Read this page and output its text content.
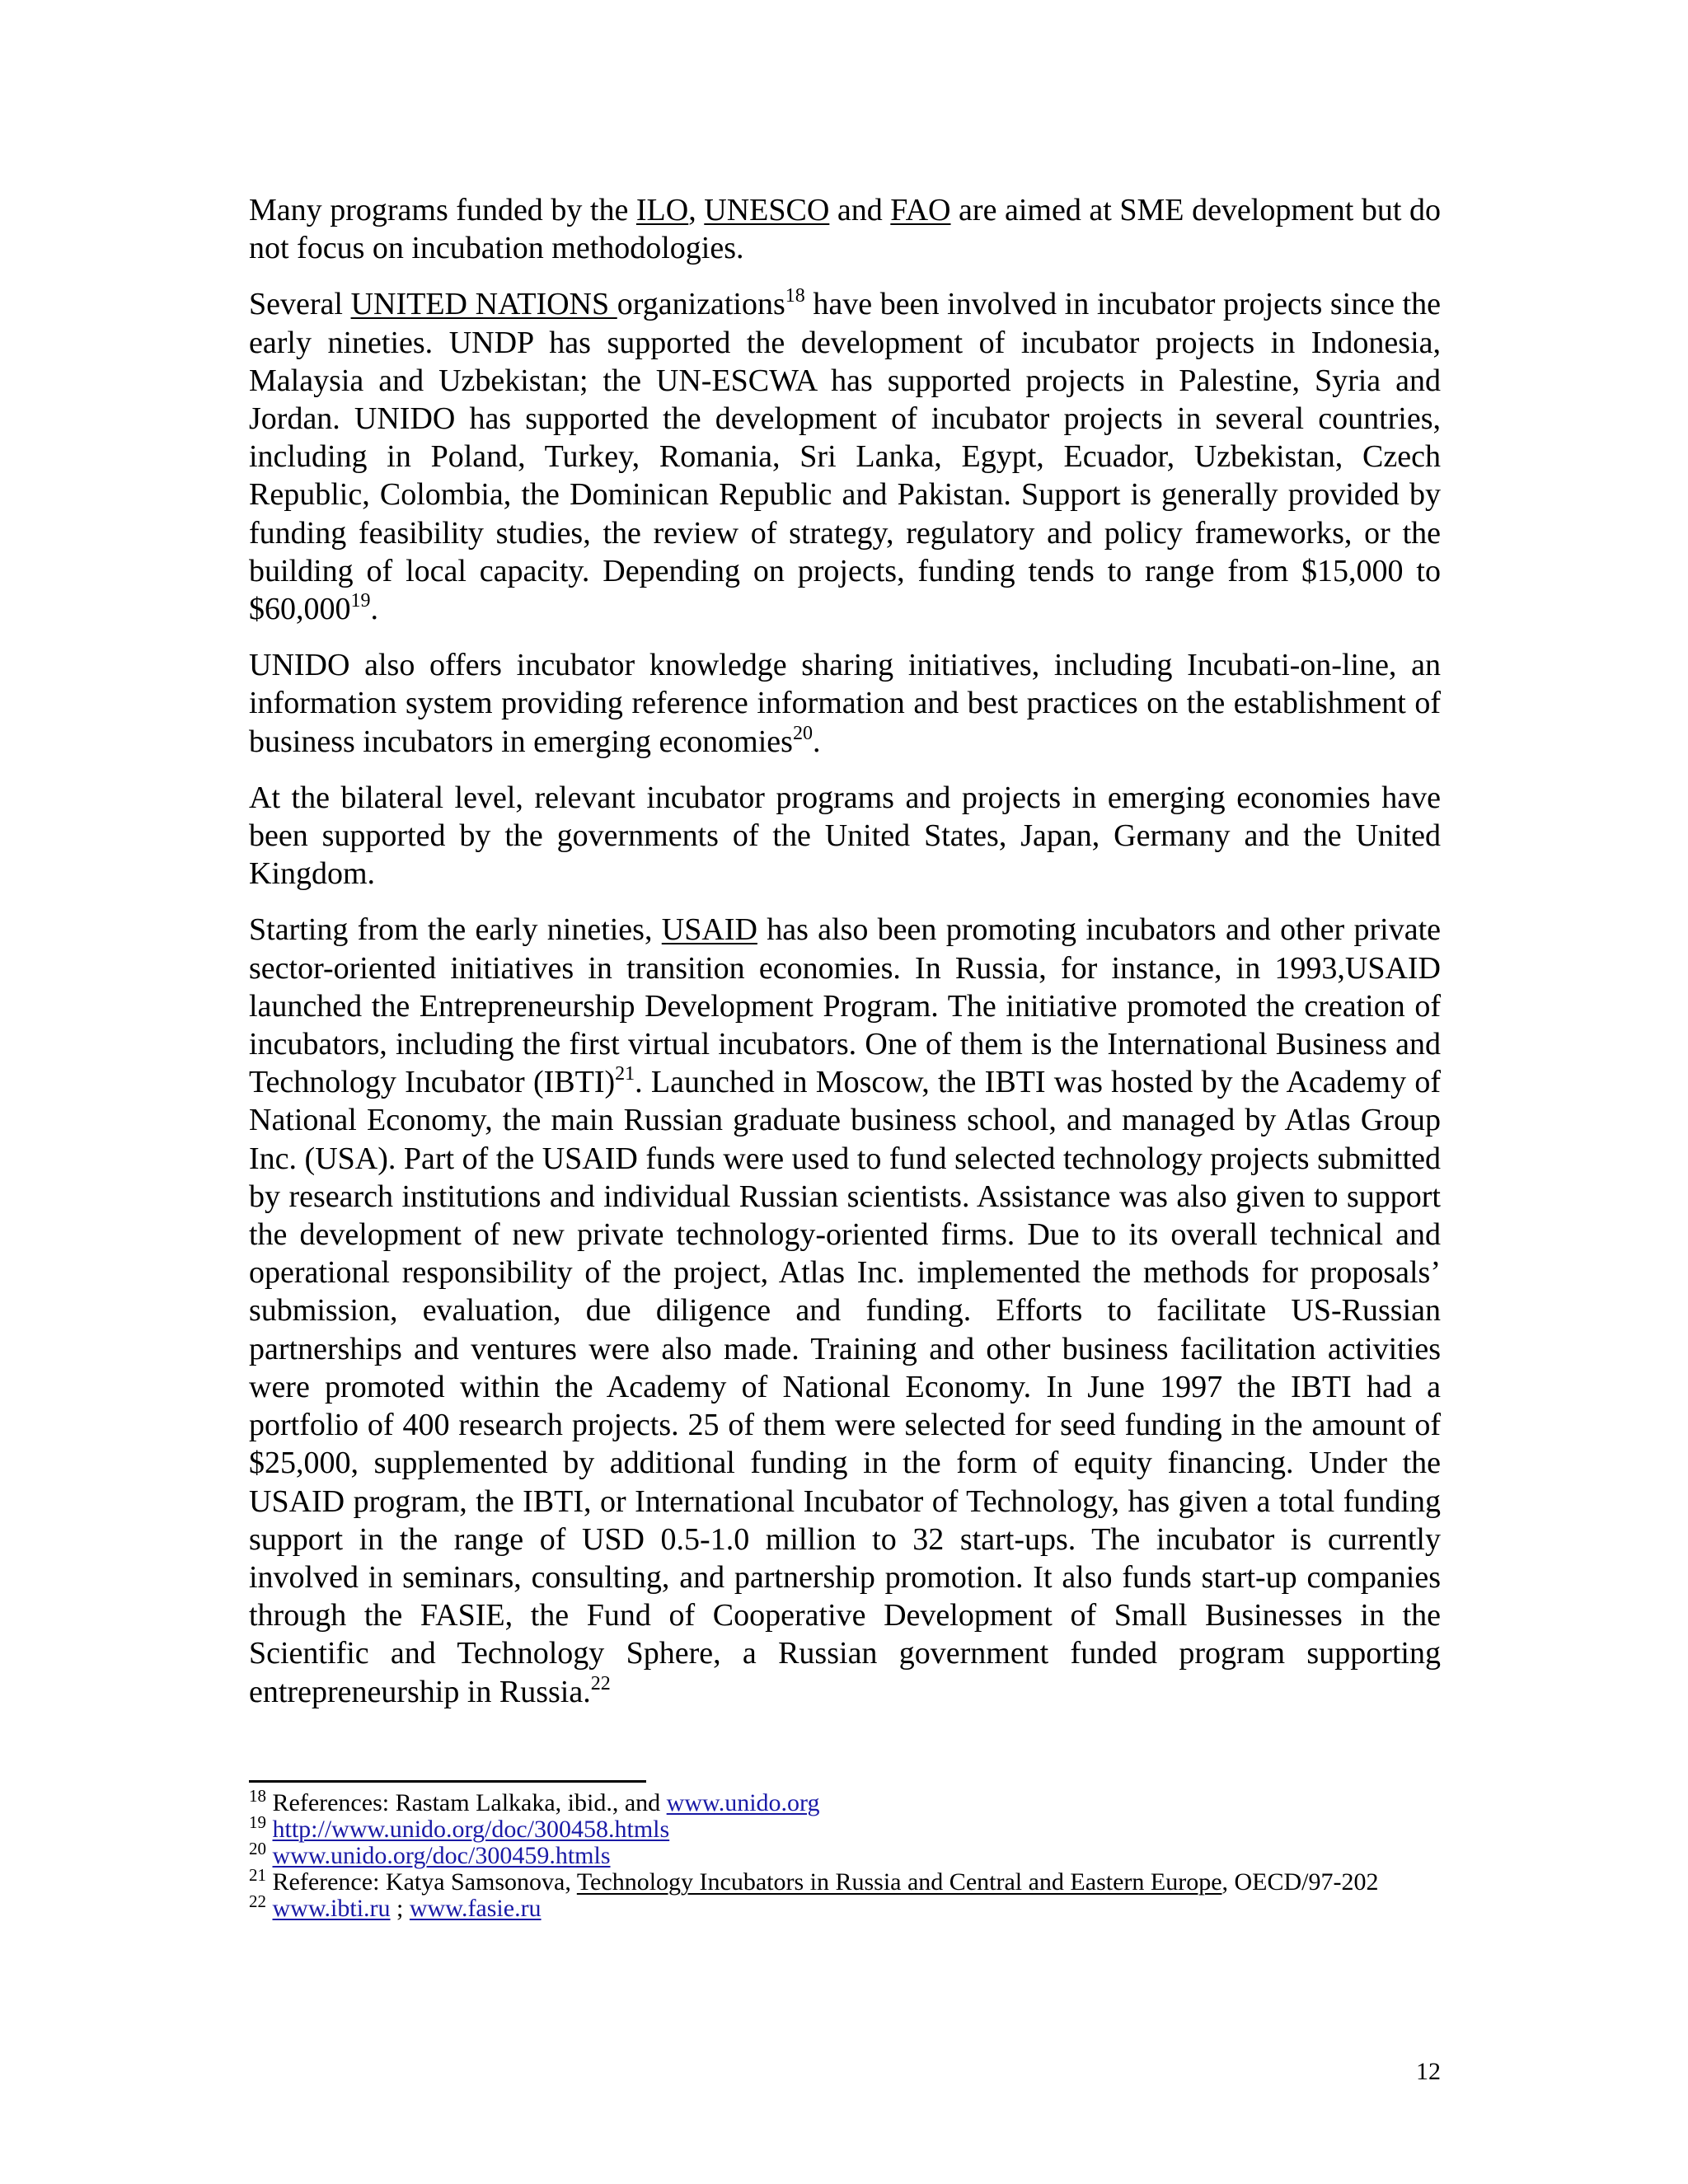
Many programs funded by the ILO, UNESCO and FAO are aimed at SME development but do not focus on incubation methodologies.

Several UNITED NATIONS organizations$^{18}$ have been involved in incubator projects since the early nineties. UNDP has supported the development of incubator projects in Indonesia, Malaysia and Uzbekistan; the UN-ESCWA has supported projects in Palestine, Syria and Jordan. UNIDO has supported the development of incubator projects in several countries, including in Poland, Turkey, Romania, Sri Lanka, Egypt, Ecuador, Uzbekistan, Czech Republic, Colombia, the Dominican Republic and Pakistan. Support is generally provided by funding feasibility studies, the review of strategy, regulatory and policy frameworks, or the building of local capacity. Depending on projects, funding tends to range from $15,000 to $60,000$^{19}$.

UNIDO also offers incubator knowledge sharing initiatives, including Incubati-on-line, an information system providing reference information and best practices on the establishment of business incubators in emerging economies$^{20}$.

At the bilateral level, relevant incubator programs and projects in emerging economies have been supported by the governments of the United States, Japan, Germany and the United Kingdom.

Starting from the early nineties, USAID has also been promoting incubators and other private sector-oriented initiatives in transition economies. In Russia, for instance, in 1993,USAID launched the Entrepreneurship Development Program. The initiative promoted the creation of incubators, including the first virtual incubators. One of them is the International Business and Technology Incubator (IBTI)$^{21}$. Launched in Moscow, the IBTI was hosted by the Academy of National Economy, the main Russian graduate business school, and managed by Atlas Group Inc. (USA). Part of the USAID funds were used to fund selected technology projects submitted by research institutions and individual Russian scientists. Assistance was also given to support the development of new private technology-oriented firms. Due to its overall technical and operational responsibility of the project, Atlas Inc. implemented the methods for proposals’ submission, evaluation, due diligence and funding. Efforts to facilitate US-Russian partnerships and ventures were also made. Training and other business facilitation activities were promoted within the Academy of National Economy. In June 1997 the IBTI had a portfolio of 400 research projects. 25 of them were selected for seed funding in the amount of $25,000, supplemented by additional funding in the form of equity financing. Under the USAID program, the IBTI, or International Incubator of Technology, has given a total funding support in the range of USD 0.5-1.0 million to 32 start-ups. The incubator is currently involved in seminars, consulting, and partnership promotion. It also funds start-up companies through the FASIE, the Fund of Cooperative Development of Small Businesses in the Scientific and Technology Sphere, a Russian government funded program supporting entrepreneurship in Russia.$^{22}$

$^{18}$ References: Rastam Lalkaka, ibid., and www.unido.org

$^{19}$ http://www.unido.org/doc/300458.htmls

$^{20}$ www.unido.org/doc/300459.htmls

$^{21}$ Reference: Katya Samsonova, Technology Incubators in Russia and Central and Eastern Europe, OECD/97-202

$^{22}$ www.ibti.ru ; www.fasie.ru

12
